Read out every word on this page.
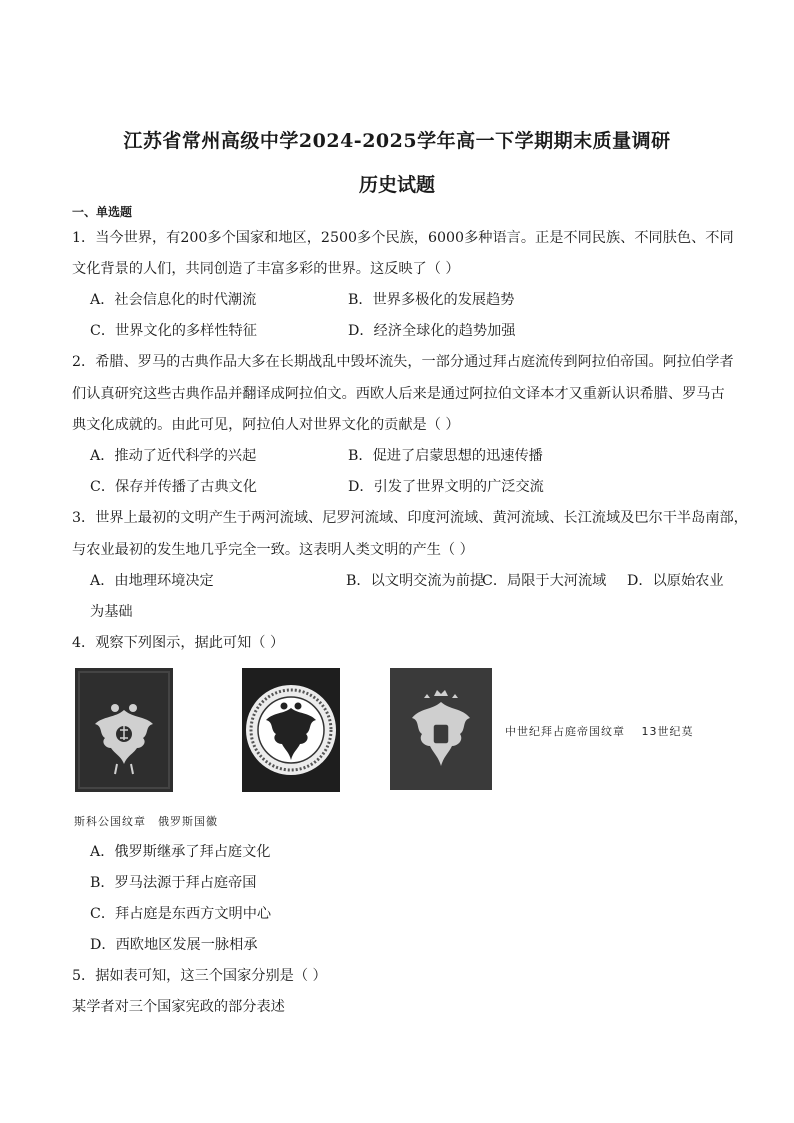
江苏省常州高级中学2024-2025学年高一下学期期末质量调研
历史试题
一、单选题
1．当今世界，有200多个国家和地区，2500多个民族，6000多种语言。正是不同民族、不同肤色、不同
文化背景的人们，共同创造了丰富多彩的世界。这反映了（ ）
A．社会信息化的时代潮流	B．世界多极化的发展趋势
C．世界文化的多样性特征	D．经济全球化的趋势加强
2．希腊、罗马的古典作品大多在长期战乱中毁坏流失，一部分通过拜占庭流传到阿拉伯帝国。阿拉伯学者
们认真研究这些古典作品并翻译成阿拉伯文。西欧人后来是通过阿拉伯文译本才又重新认识希腊、罗马古
典文化成就的。由此可见，阿拉伯人对世界文化的贡献是（ ）
A．推动了近代科学的兴起	B．促进了启蒙思想的迅速传播
C．保存并传播了古典文化	D．引发了世界文明的广泛交流
3．世界上最初的文明产生于两河流域、尼罗河流域、印度河流域、黄河流域、长江流域及巴尔干半岛南部，
与农业最初的发生地几乎完全一致。这表明人类文明的产生（ ）
A．由地理环境决定	B．以文明交流为前提
C．局限于大河流域 D．以原始农业
为基础
4．观察下列图示，据此可知（ ）
中世纪拜占庭帝国纹章　 13世纪莫
斯科公国纹章　俄罗斯国徽
A．俄罗斯继承了拜占庭文化
B．罗马法源于拜占庭帝国
C．拜占庭是东西方文明中心
D．西欧地区发展一脉相承
5．据如表可知，这三个国家分别是（ ）
某学者对三个国家宪政的部分表述
